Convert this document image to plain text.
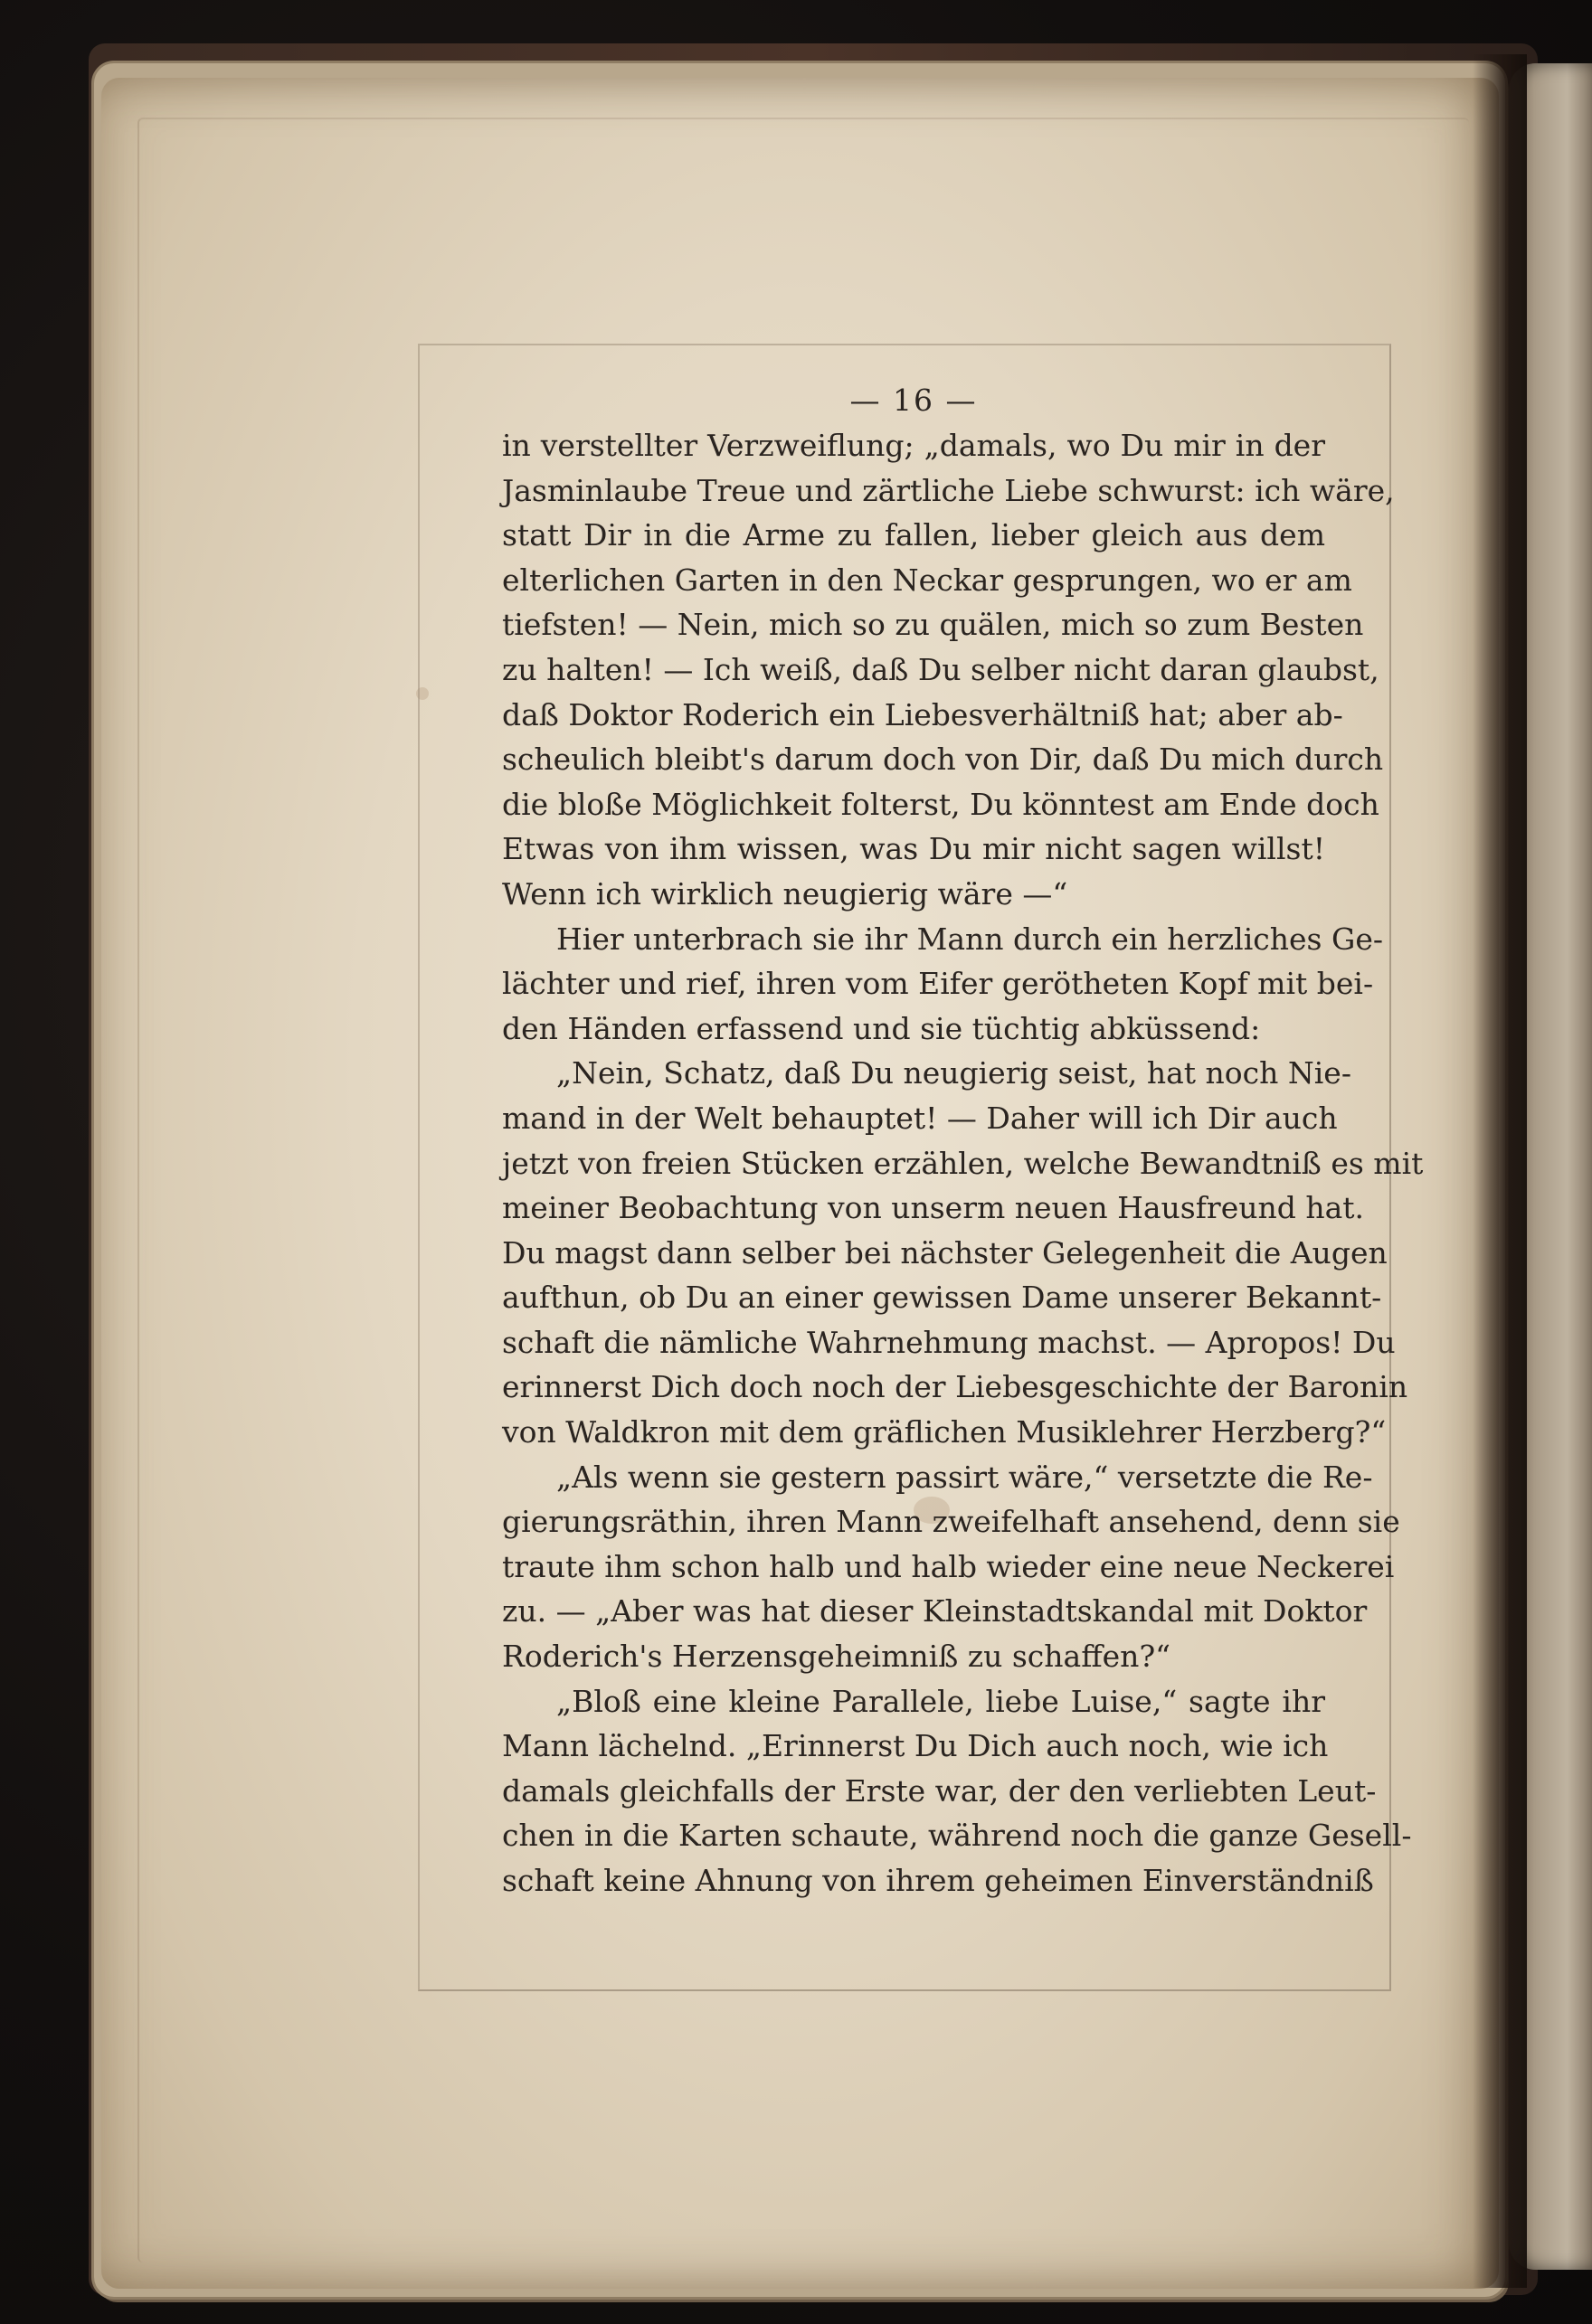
— 16 —
in verstellter Verzweiflung; „damals, wo Du mir in der
Jasminlaube Treue und zärtliche Liebe schwurst: ich wäre,
statt Dir in die Arme zu fallen, lieber gleich aus dem
elterlichen Garten in den Neckar gesprungen, wo er am
tiefsten! — Nein, mich so zu quälen, mich so zum Besten
zu halten! — Ich weiß, daß Du selber nicht daran glaubst,
daß Doktor Roderich ein Liebesverhältniß hat; aber ab-
scheulich bleibt's darum doch von Dir, daß Du mich durch
die bloße Möglichkeit folterst, Du könntest am Ende doch
Etwas von ihm wissen, was Du mir nicht sagen willst!
Wenn ich wirklich neugierig wäre —“
Hier unterbrach sie ihr Mann durch ein herzliches Ge-
lächter und rief, ihren vom Eifer gerötheten Kopf mit bei-
den Händen erfassend und sie tüchtig abküssend:
„Nein, Schatz, daß Du neugierig seist, hat noch Nie-
mand in der Welt behauptet! — Daher will ich Dir auch
jetzt von freien Stücken erzählen, welche Bewandtniß es mit
meiner Beobachtung von unserm neuen Hausfreund hat.
Du magst dann selber bei nächster Gelegenheit die Augen
aufthun, ob Du an einer gewissen Dame unserer Bekannt-
schaft die nämliche Wahrnehmung machst. — Apropos! Du
erinnerst Dich doch noch der Liebesgeschichte der Baronin
von Waldkron mit dem gräflichen Musiklehrer Herzberg?“
„Als wenn sie gestern passirt wäre,“ versetzte die Re-
gierungsräthin, ihren Mann zweifelhaft ansehend, denn sie
traute ihm schon halb und halb wieder eine neue Neckerei
zu. — „Aber was hat dieser Kleinstadtskandal mit Doktor
Roderich's Herzensgeheimniß zu schaffen?“
„Bloß eine kleine Parallele, liebe Luise,“ sagte ihr
Mann lächelnd. „Erinnerst Du Dich auch noch, wie ich
damals gleichfalls der Erste war, der den verliebten Leut-
chen in die Karten schaute, während noch die ganze Gesell-
schaft keine Ahnung von ihrem geheimen Einverständniß
